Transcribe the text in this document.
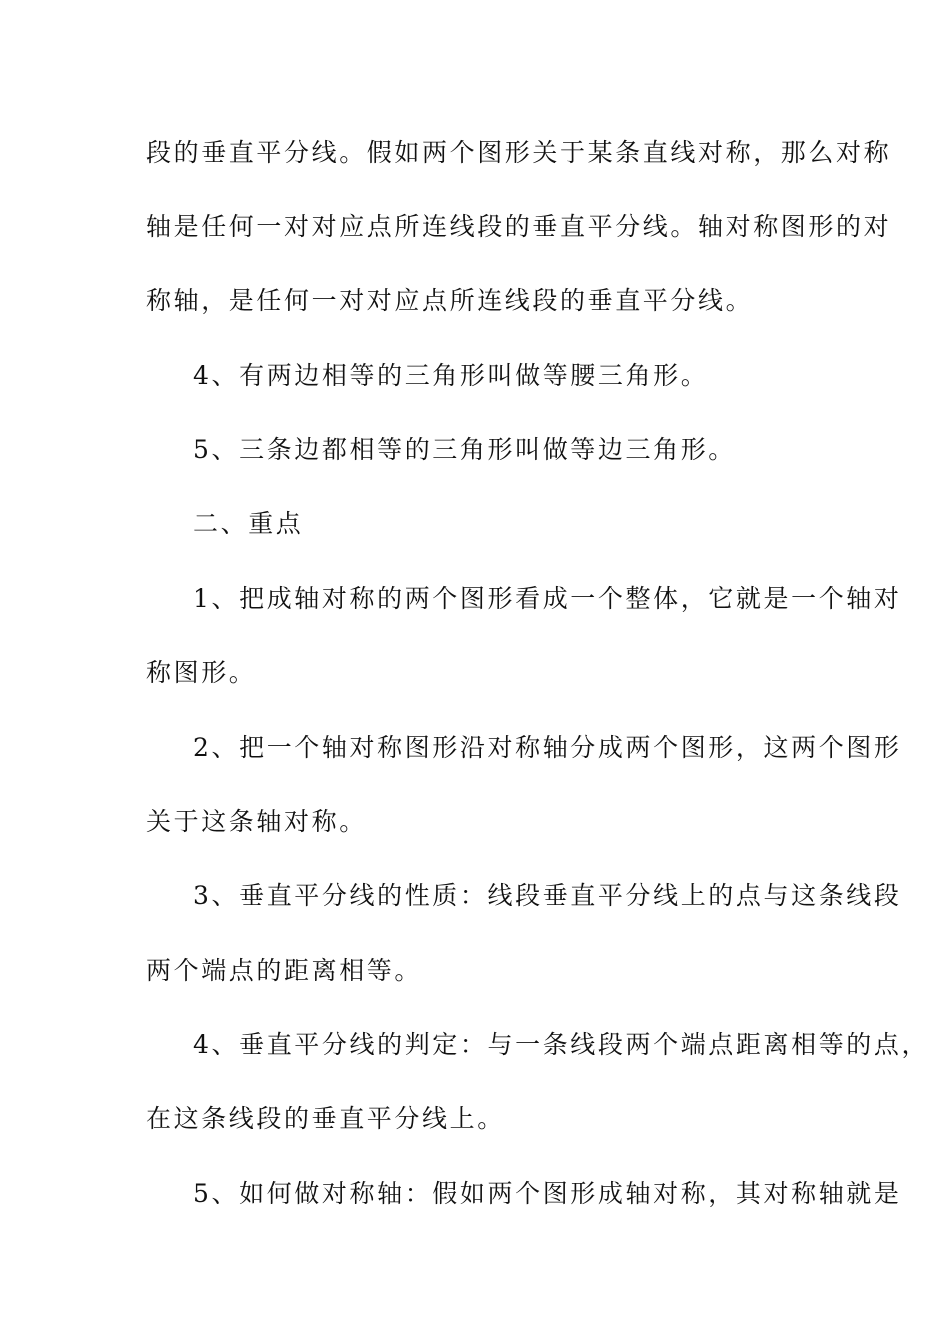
段的垂直平分线。假如两个图形关于某条直线对称，那么对称
轴是任何一对对应点所连线段的垂直平分线。轴对称图形的对
称轴，是任何一对对应点所连线段的垂直平分线。
4、有两边相等的三角形叫做等腰三角形。
5、三条边都相等的三角形叫做等边三角形。
二、重点
1、把成轴对称的两个图形看成一个整体，它就是一个轴对
称图形。
2、把一个轴对称图形沿对称轴分成两个图形，这两个图形
关于这条轴对称。
3、垂直平分线的性质：线段垂直平分线上的点与这条线段
两个端点的距离相等。
4、垂直平分线的判定：与一条线段两个端点距离相等的点，
在这条线段的垂直平分线上。
5、如何做对称轴：假如两个图形成轴对称，其对称轴就是
